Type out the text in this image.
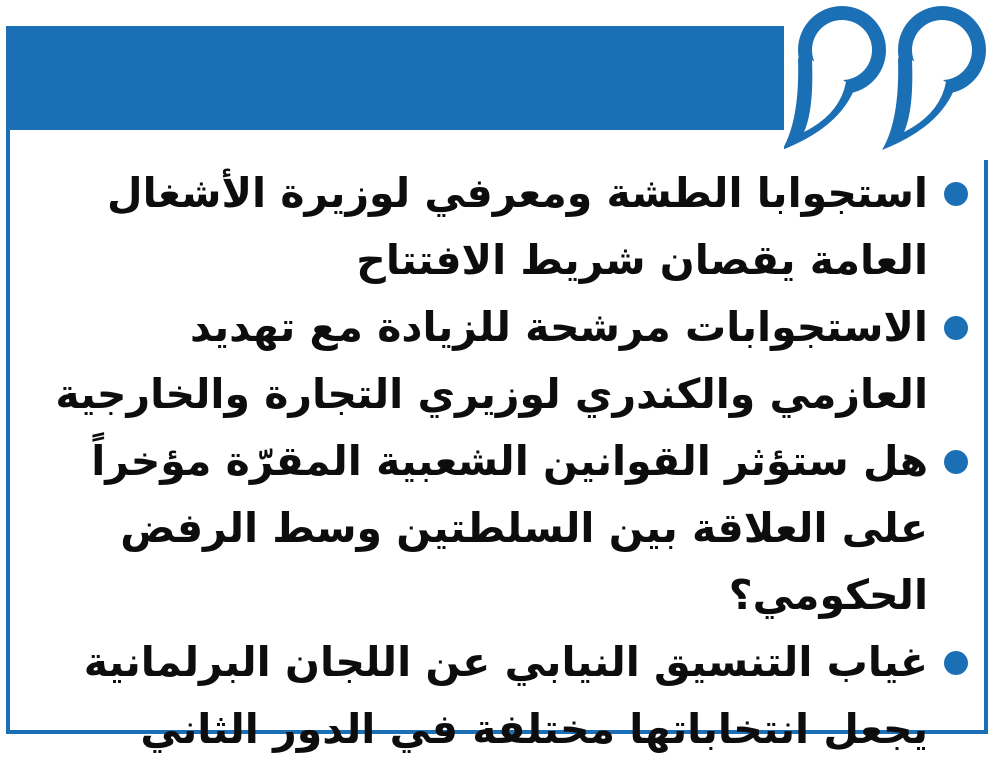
استجوابا الطشة ومعرفي لوزيرة الأشغال العامة يقصان شريط الافتتاح
الاستجوابات مرشحة للزيادة مع تهديد العازمي والكندري لوزيري التجارة والخارجية
هل ستؤثر القوانين الشعبية المقرّة مؤخراً على العلاقة بين السلطتين وسط الرفض الحكومي؟
غياب التنسيق النيابي عن اللجان البرلمانية يجعل انتخاباتها مختلفة في الدور الثاني
